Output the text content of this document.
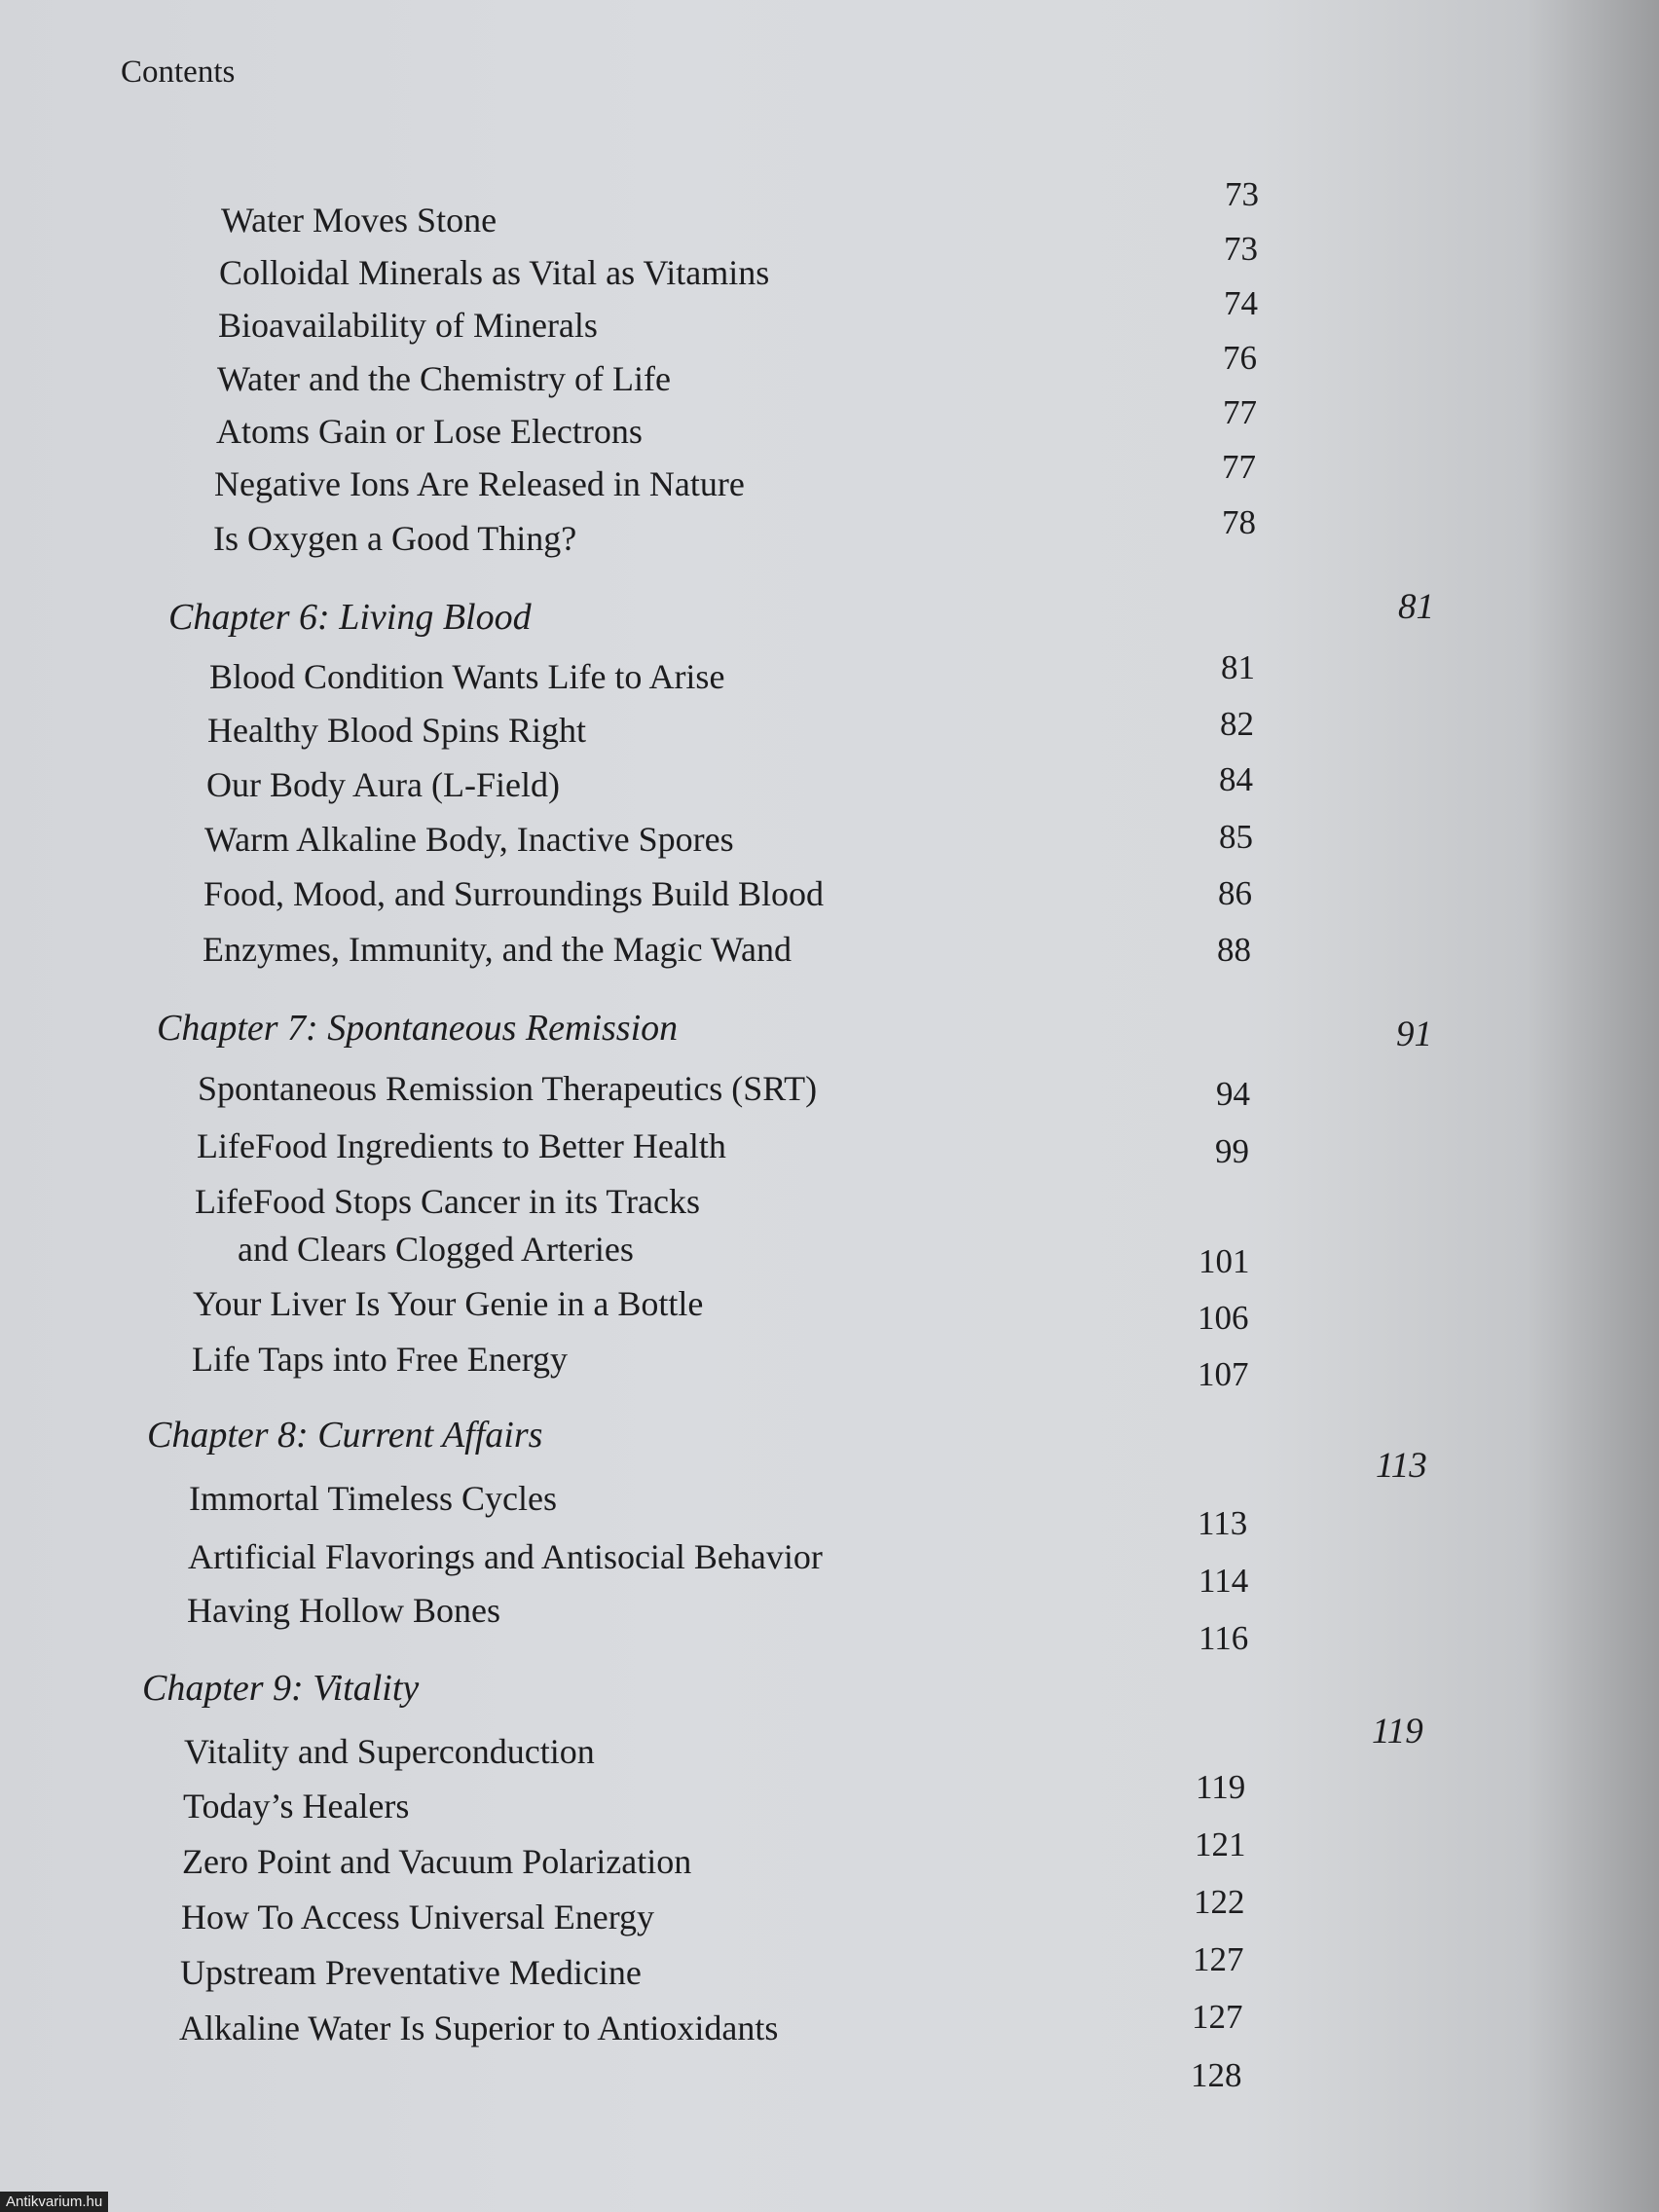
Contents
Water Moves Stone
Colloidal Minerals as Vital as Vitamins
Bioavailability of Minerals
Water and the Chemistry of Life
Atoms Gain or Lose Electrons
Negative Ions Are Released in Nature
Is Oxygen a Good Thing?
73
73
74
76
77
77
78
Chapter 6: Living Blood	81
Blood Condition Wants Life to Arise
Healthy Blood Spins Right
Our Body Aura (L-Field)
Warm Alkaline Body, Inactive Spores
Food, Mood, and Surroundings Build Blood
Enzymes, Immunity, and the Magic Wand
81
82
84
85
86
88
Chapter 7: Spontaneous Remission	91
Spontaneous Remission Therapeutics (SRT)
LifeFood Ingredients to Better Health
LifeFood Stops Cancer in its Tracks
and Clears Clogged Arteries
Your Liver Is Your Genie in a Bottle
Life Taps into Free Energy
94
99
101
106
107
Chapter 8: Current Affairs
113
Immortal Timeless Cycles
Artificial Flavorings and Antisocial Behavior
Having Hollow Bones
113
114
116
Chapter 9: Vitality
119
Vitality and Superconduction
Today’s Healers
Zero Point and Vacuum Polarization
How To Access Universal Energy
Upstream Preventative Medicine
Alkaline Water Is Superior to Antioxidants
119
121
122
127
127
128
Antikvarium.hu
